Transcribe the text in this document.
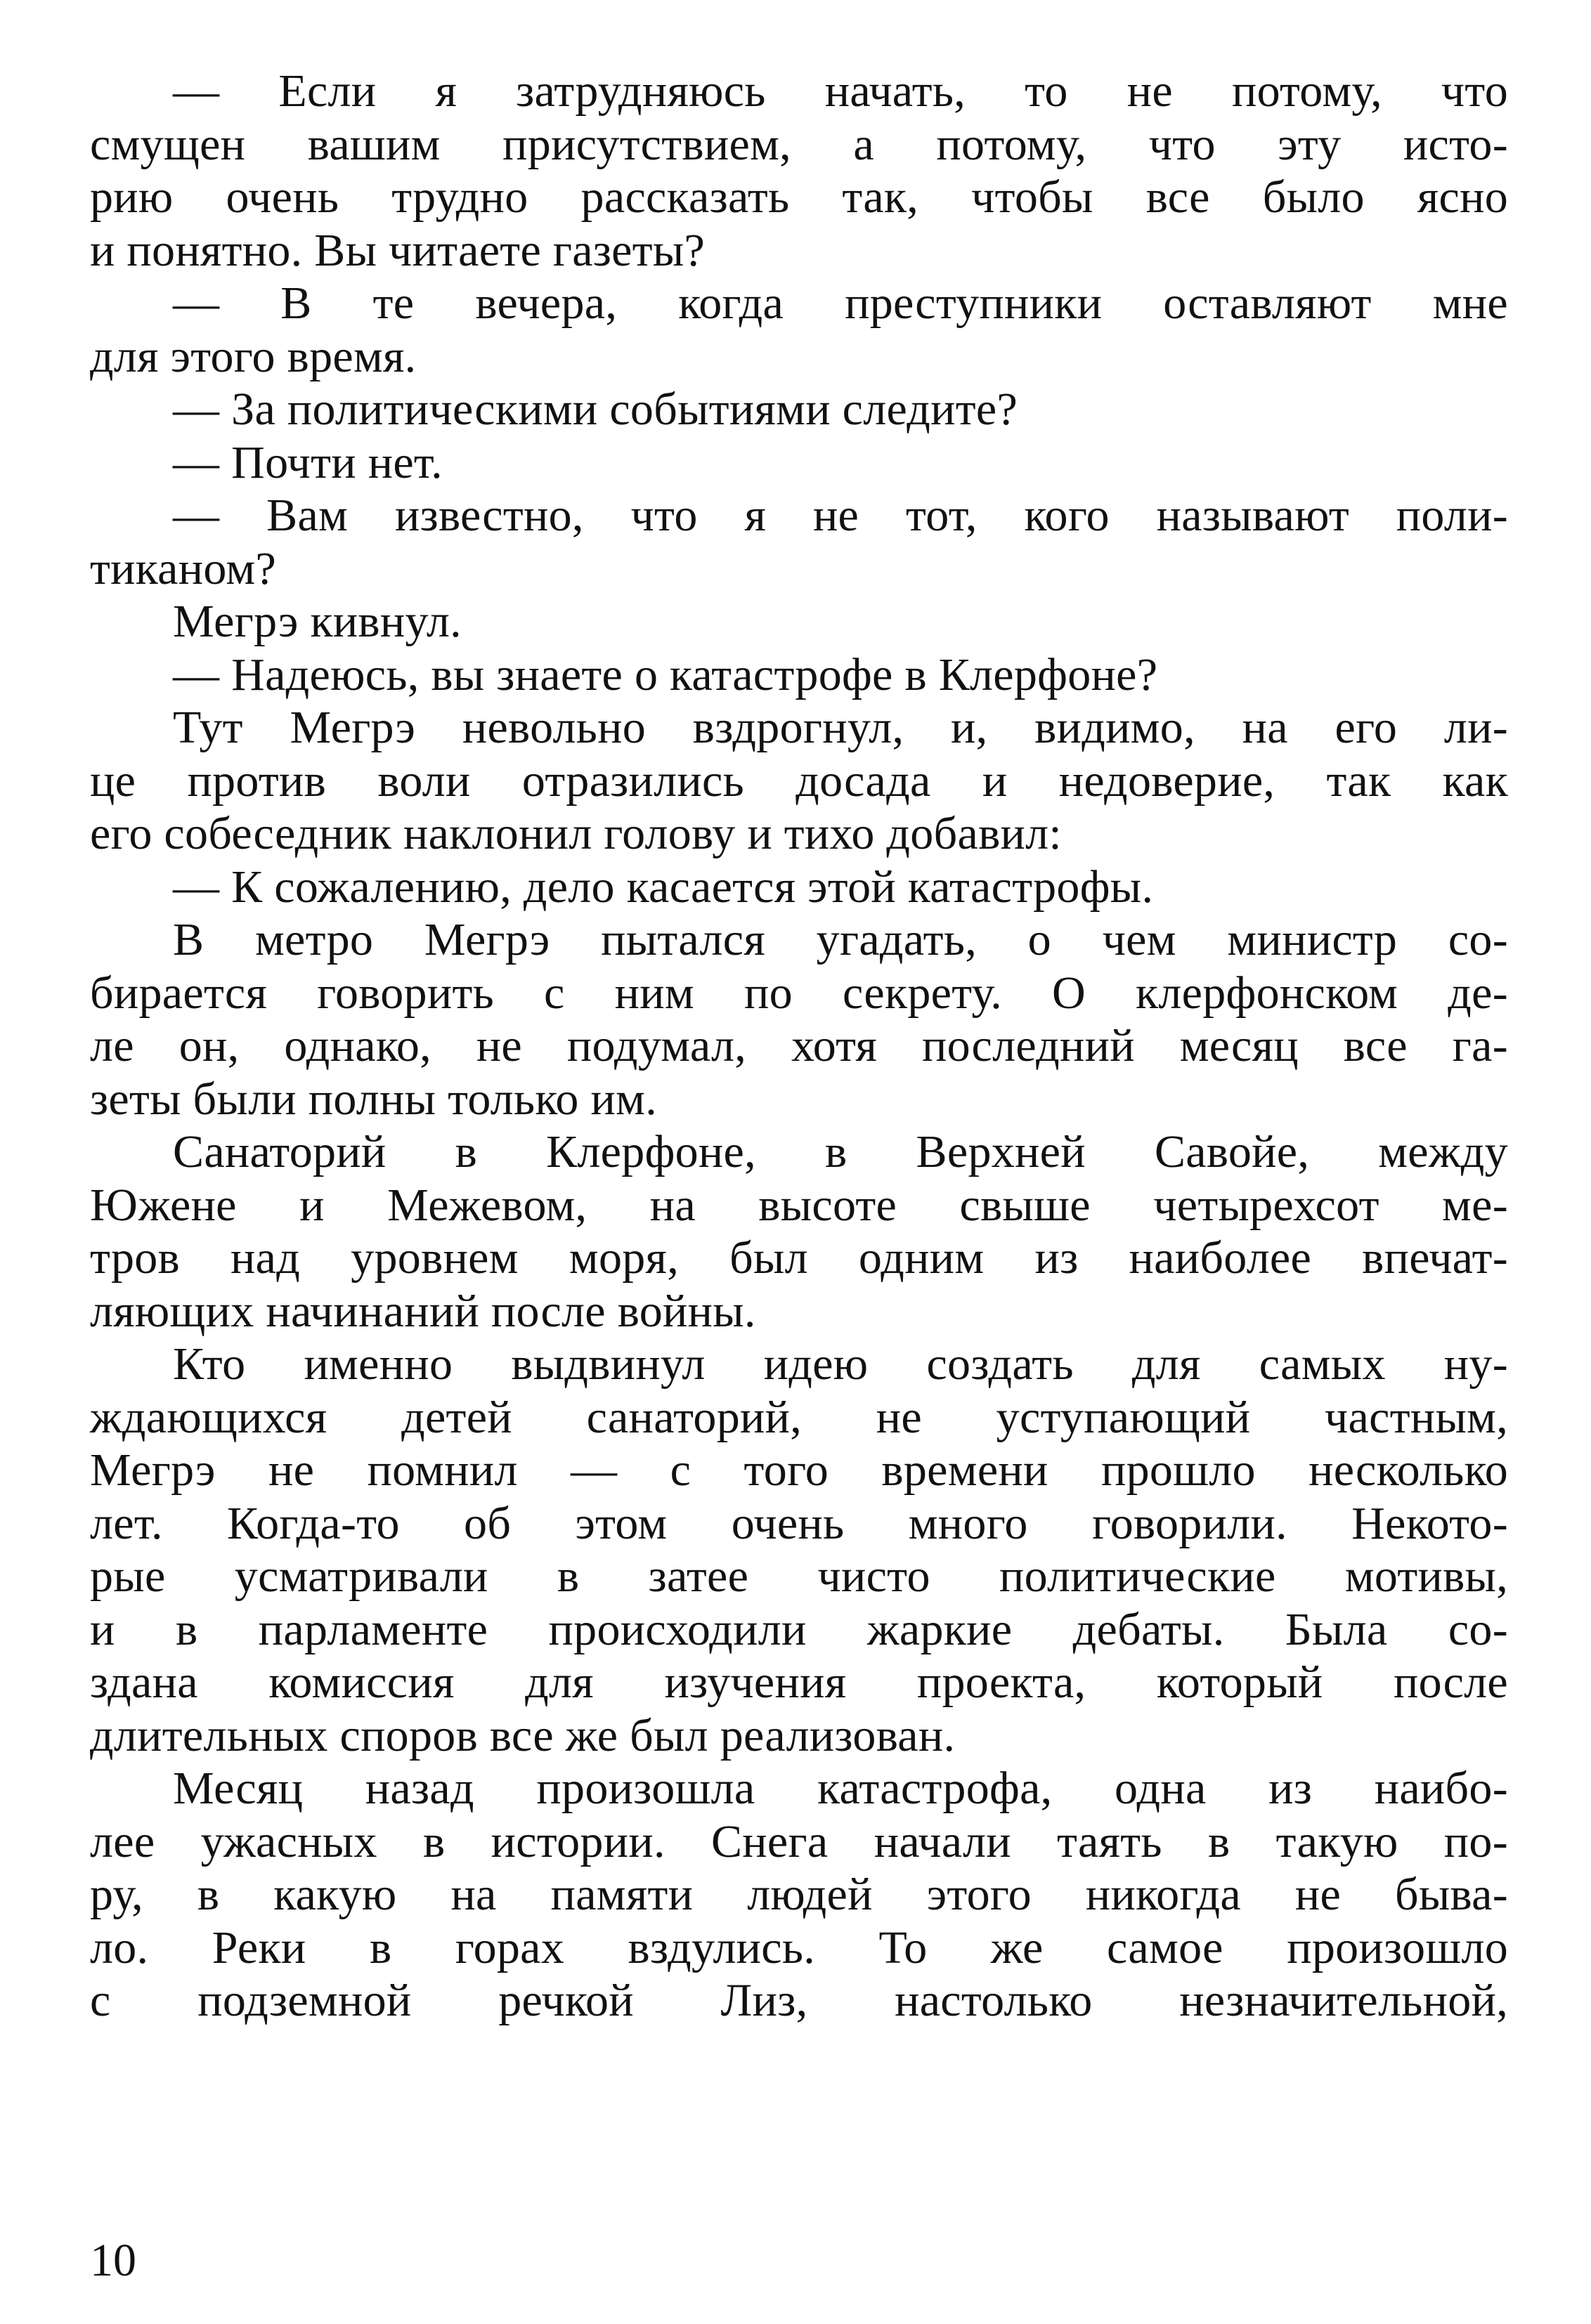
— Если я затрудняюсь начать, то не потому, что
смущен вашим присутствием, а потому, что эту исто-
рию очень трудно рассказать так, чтобы все было ясно
и понятно. Вы читаете газеты?
— В те вечера, когда преступники оставляют мне
для этого время.
— За политическими событиями следите?
— Почти нет.
— Вам известно, что я не тот, кого называют поли-
тиканом?
Мегрэ кивнул.
— Надеюсь, вы знаете о катастрофе в Клерфоне?
Тут Мегрэ невольно вздрогнул, и, видимо, на его ли-
це против воли отразились досада и недоверие, так как
его собеседник наклонил голову и тихо добавил:
— К сожалению, дело касается этой катастрофы.
В метро Мегрэ пытался угадать, о чем министр со-
бирается говорить с ним по секрету. О клерфонском де-
ле он, однако, не подумал, хотя последний месяц все га-
зеты были полны только им.
Санаторий в Клерфоне, в Верхней Савойе, между
Южене и Межевом, на высоте свыше четырехсот ме-
тров над уровнем моря, был одним из наиболее впечат-
ляющих начинаний после войны.
Кто именно выдвинул идею создать для самых ну-
ждающихся детей санаторий, не уступающий частным,
Мегрэ не помнил — с того времени прошло несколько
лет. Когда-то об этом очень много говорили. Некото-
рые усматривали в затее чисто политические мотивы,
и в парламенте происходили жаркие дебаты. Была со-
здана комиссия для изучения проекта, который после
длительных споров все же был реализован.
Месяц назад произошла катастрофа, одна из наибо-
лее ужасных в истории. Снега начали таять в такую по-
ру, в какую на памяти людей этого никогда не быва-
ло. Реки в горах вздулись. То же самое произошло
с подземной речкой Лиз, настолько незначительной,
10
